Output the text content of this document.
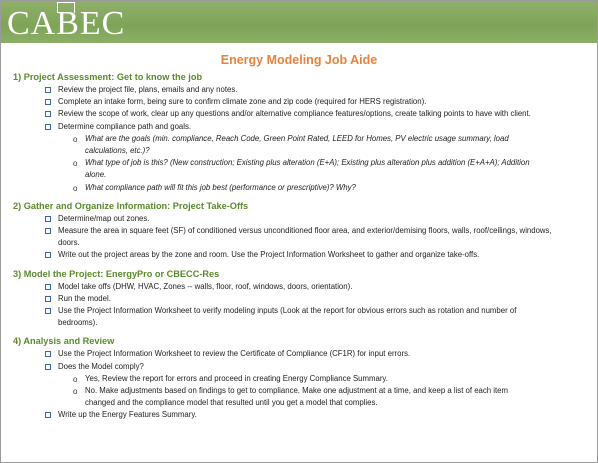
CABEC
Energy Modeling Job Aide
1) Project Assessment: Get to know the job
Review the project file, plans, emails and any notes.
Complete an intake form, being sure to confirm climate zone and zip code (required for HERS registration).
Review the scope of work, clear up any questions and/or alternative compliance features/options, create talking points to have with client.
Determine compliance path and goals.
o What are the goals (min. compliance, Reach Code, Green Point Rated, LEED for Homes, PV electric usage summary, load calculations, etc.)?
o What type of job is this? (New construction; Existing plus alteration (E+A); Existing plus alteration plus addition (E+A+A); Addition alone.
o What compliance path will fit this job best (performance or prescriptive)? Why?
2) Gather and Organize Information: Project Take-Offs
Determine/map out zones.
Measure the area in square feet (SF) of conditioned versus unconditioned floor area, and exterior/demising floors, walls, roof/ceilings, windows, doors.
Write out the project areas by the zone and room. Use the Project Information Worksheet to gather and organize take-offs.
3) Model the Project: EnergyPro or CBECC-Res
Model take offs (DHW, HVAC, Zones -- walls, floor, roof, windows, doors, orientation).
Run the model.
Use the Project Information Worksheet to verify modeling inputs (Look at the report for obvious errors such as rotation and number of bedrooms).
4) Analysis and Review
Use the Project Information Worksheet to review the Certificate of Compliance (CF1R) for input errors.
Does the Model comply?
o Yes, Review the report for errors and proceed in creating Energy Compliance Summary.
o No. Make adjustments based on findings to get to compliance. Make one adjustment at a time, and keep a list of each item changed and the compliance model that resulted until you get a model that complies.
Write up the Energy Features Summary.
